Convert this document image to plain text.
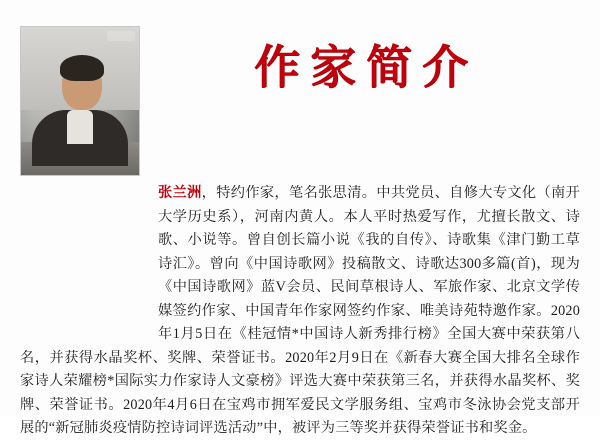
作家简介
张兰洲，特约作家，笔名张思清。中共党员、自修大专文化（南开大学历史系），河南内黄人。本人平时热爱写作，尤擅长散文、诗歌、小说等。曾自创长篇小说《我的自传》、诗歌集《津门勤工草诗汇》。曾向《中国诗歌网》投稿散文、诗歌达300多篇(首)，现为《中国诗歌网》蓝V会员、民间草根诗人、军旅作家、北京文学传媒签约作家、中国青年作家网签约作家、唯美诗苑特邀作家。2020年1月5日在《桂冠情*中国诗人新秀排行榜》全国大赛中荣获第八名，并获得水晶奖杯、奖牌、荣誉证书。2020年2月9日在《新春大赛全国大排名全球作家诗人荣耀榜*国际实力作家诗人文豪榜》评选大赛中荣获第三名，并获得水晶奖杯、奖牌、荣誉证书。2020年4月6日在宝鸡市拥军爱民文学服务组、宝鸡市冬泳协会党支部开展的“新冠肺炎疫情防控诗词评选活动”中，被评为三等奖并获得荣誉证书和奖金。
